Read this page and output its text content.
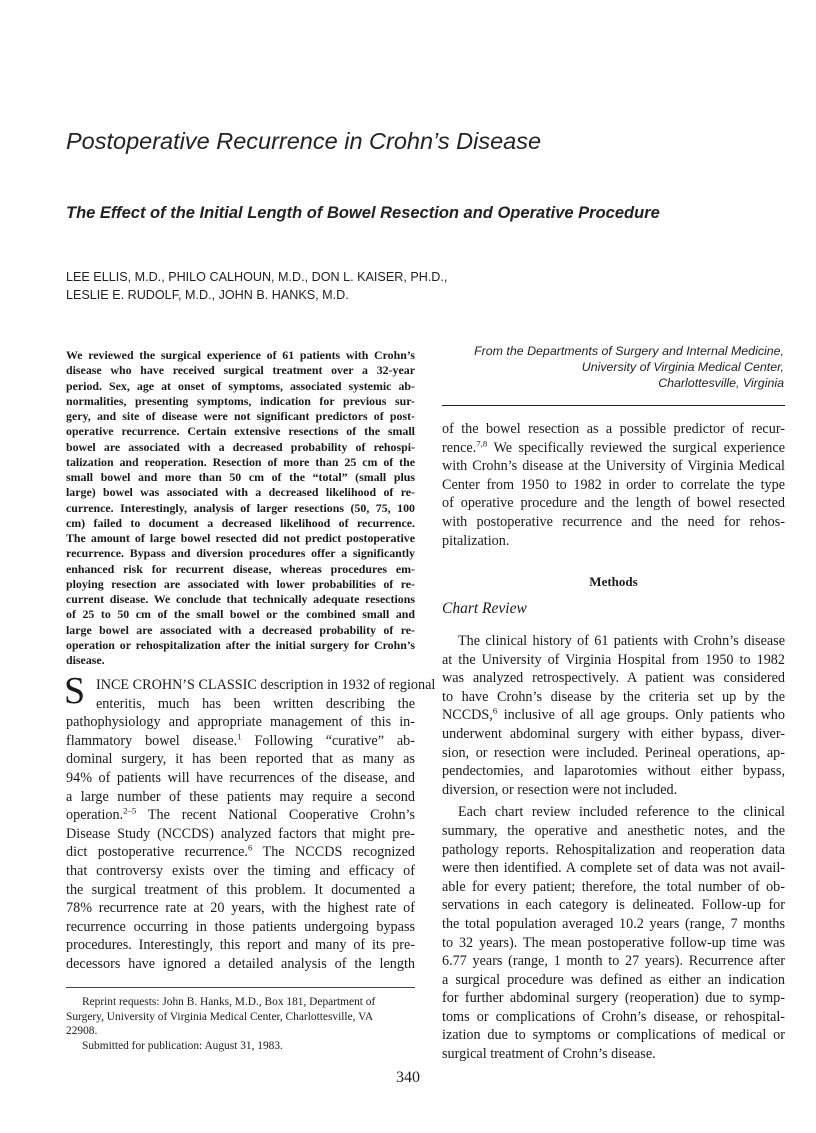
Postoperative Recurrence in Crohn’s Disease
The Effect of the Initial Length of Bowel Resection and Operative Procedure
LEE ELLIS, M.D., PHILO CALHOUN, M.D., DON L. KAISER, PH.D.,
LESLIE E. RUDOLF, M.D., JOHN B. HANKS, M.D.
From the Departments of Surgery and Internal Medicine,
University of Virginia Medical Center,
Charlottesville, Virginia
We reviewed the surgical experience of 61 patients with Crohn’s
disease who have received surgical treatment over a 32-year
period. Sex, age at onset of symptoms, associated systemic ab-
normalities, presenting symptoms, indication for previous sur-
gery, and site of disease were not significant predictors of post-
operative recurrence. Certain extensive resections of the small
bowel are associated with a decreased probability of rehospi-
talization and reoperation. Resection of more than 25 cm of the
small bowel and more than 50 cm of the “total” (small plus
large) bowel was associated with a decreased likelihood of re-
currence. Interestingly, analysis of larger resections (50, 75, 100
cm) failed to document a decreased likelihood of recurrence.
The amount of large bowel resected did not predict postoperative
recurrence. Bypass and diversion procedures offer a significantly
enhanced risk for recurrent disease, whereas procedures em-
ploying resection are associated with lower probabilities of re-
current disease. We conclude that technically adequate resections
of 25 to 50 cm of the small bowel or the combined small and
large bowel are associated with a decreased probability of re-
operation or rehospitalization after the initial surgery for Crohn’s
disease.
S INCE CROHN’S CLASSIC description in 1932 of regional
enteritis, much has been written describing the
pathophysiology and appropriate management of this in-
flammatory bowel disease.$^1$ Following “curative” ab-
dominal surgery, it has been reported that as many as
94% of patients will have recurrences of the disease, and
a large number of these patients may require a second
operation.$^{2-5}$ The recent National Cooperative Crohn’s
Disease Study (NCCDS) analyzed factors that might pre-
dict postoperative recurrence.$^6$ The NCCDS recognized
that controversy exists over the timing and efficacy of
the surgical treatment of this problem. It documented a
78% recurrence rate at 20 years, with the highest rate of
recurrence occurring in those patients undergoing bypass
procedures. Interestingly, this report and many of its pre-
decessors have ignored a detailed analysis of the length
of the bowel resection as a possible predictor of recur-
rence.$^{7,8}$ We specifically reviewed the surgical experience
with Crohn’s disease at the University of Virginia Medical
Center from 1950 to 1982 in order to correlate the type
of operative procedure and the length of bowel resected
with postoperative recurrence and the need for rehos-
pitalization.
Methods
Chart Review
The clinical history of 61 patients with Crohn’s disease
at the University of Virginia Hospital from 1950 to 1982
was analyzed retrospectively. A patient was considered
to have Crohn’s disease by the criteria set up by the
NCCDS,$^6$ inclusive of all age groups. Only patients who
underwent abdominal surgery with either bypass, diver-
sion, or resection were included. Perineal operations, ap-
pendectomies, and laparotomies without either bypass,
diversion, or resection were not included.
Each chart review included reference to the clinical
summary, the operative and anesthetic notes, and the
pathology reports. Rehospitalization and reoperation data
were then identified. A complete set of data was not avail-
able for every patient; therefore, the total number of ob-
servations in each category is delineated. Follow-up for
the total population averaged 10.2 years (range, 7 months
to 32 years). The mean postoperative follow-up time was
6.77 years (range, 1 month to 27 years). Recurrence after
a surgical procedure was defined as either an indication
for further abdominal surgery (reoperation) due to symp-
toms or complications of Crohn’s disease, or rehospital-
ization due to symptoms or complications of medical or
surgical treatment of Crohn’s disease.
Reprint requests: John B. Hanks, M.D., Box 181, Department of
Surgery, University of Virginia Medical Center, Charlottesville, VA
22908.
Submitted for publication: August 31, 1983.
340
